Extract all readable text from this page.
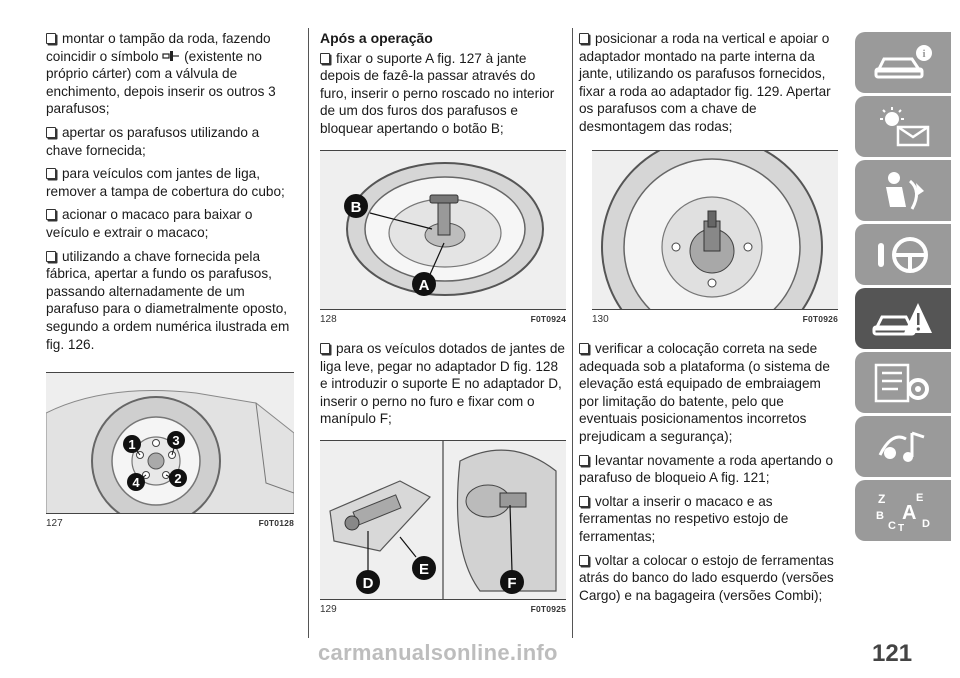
montar o tampão da roda, fazendo coincidir o símbolo  (existente no próprio cárter) com a válvula de enchimento, depois inserir os outros 3 parafusos;
apertar os parafusos utilizando a chave fornecida;
para veículos com jantes de liga, remover a tampa de cobertura do cubo;
acionar o macaco para baixar o veículo e extrair o macaco;
utilizando a chave fornecida pela fábrica, apertar a fundo os parafusos, passando alternadamente de um parafuso para o diametralmente oposto, segundo a ordem numérica ilustrada em fig. 126.
1
2
3
4
127	F0T0128
Após a operação
fixar o suporte A fig. 127 à jante depois de fazê-la passar através do furo, inserir o perno roscado no interior de um dos furos dos parafusos e bloquear apertando o botão B;
B
A
128	F0T0924
para os veículos dotados de jantes de liga leve, pegar no adaptador D fig. 128 e introduzir o suporte E no adaptador D, inserir o perno no furo e fixar com o manípulo F;
D
E
F
129	F0T0925
posicionar a roda na vertical e apoiar o adaptador montado na parte interna da jante, utilizando os parafusos fornecidos, fixar a roda ao adaptador fig. 129. Apertar os parafusos com a chave de desmontagem das rodas;
130	F0T0926
verificar a colocação correta na sede adequada sob a plataforma (o sistema de elevação está equipado de embraiagem por limitação do batente, pelo que eventuais posicionamentos incorretos prejudicam a segurança);
levantar novamente a roda apertando o parafuso de bloqueio A fig. 121;
voltar a inserir o macaco e as ferramentas no respetivo estojo de ferramentas;
voltar a colocar o estojo de ferramentas atrás do banco do lado esquerdo (versões Cargo) e na bagageira (versões Combi);
i
Z	E
A
B
C T D
carmanualsonline.info	121
